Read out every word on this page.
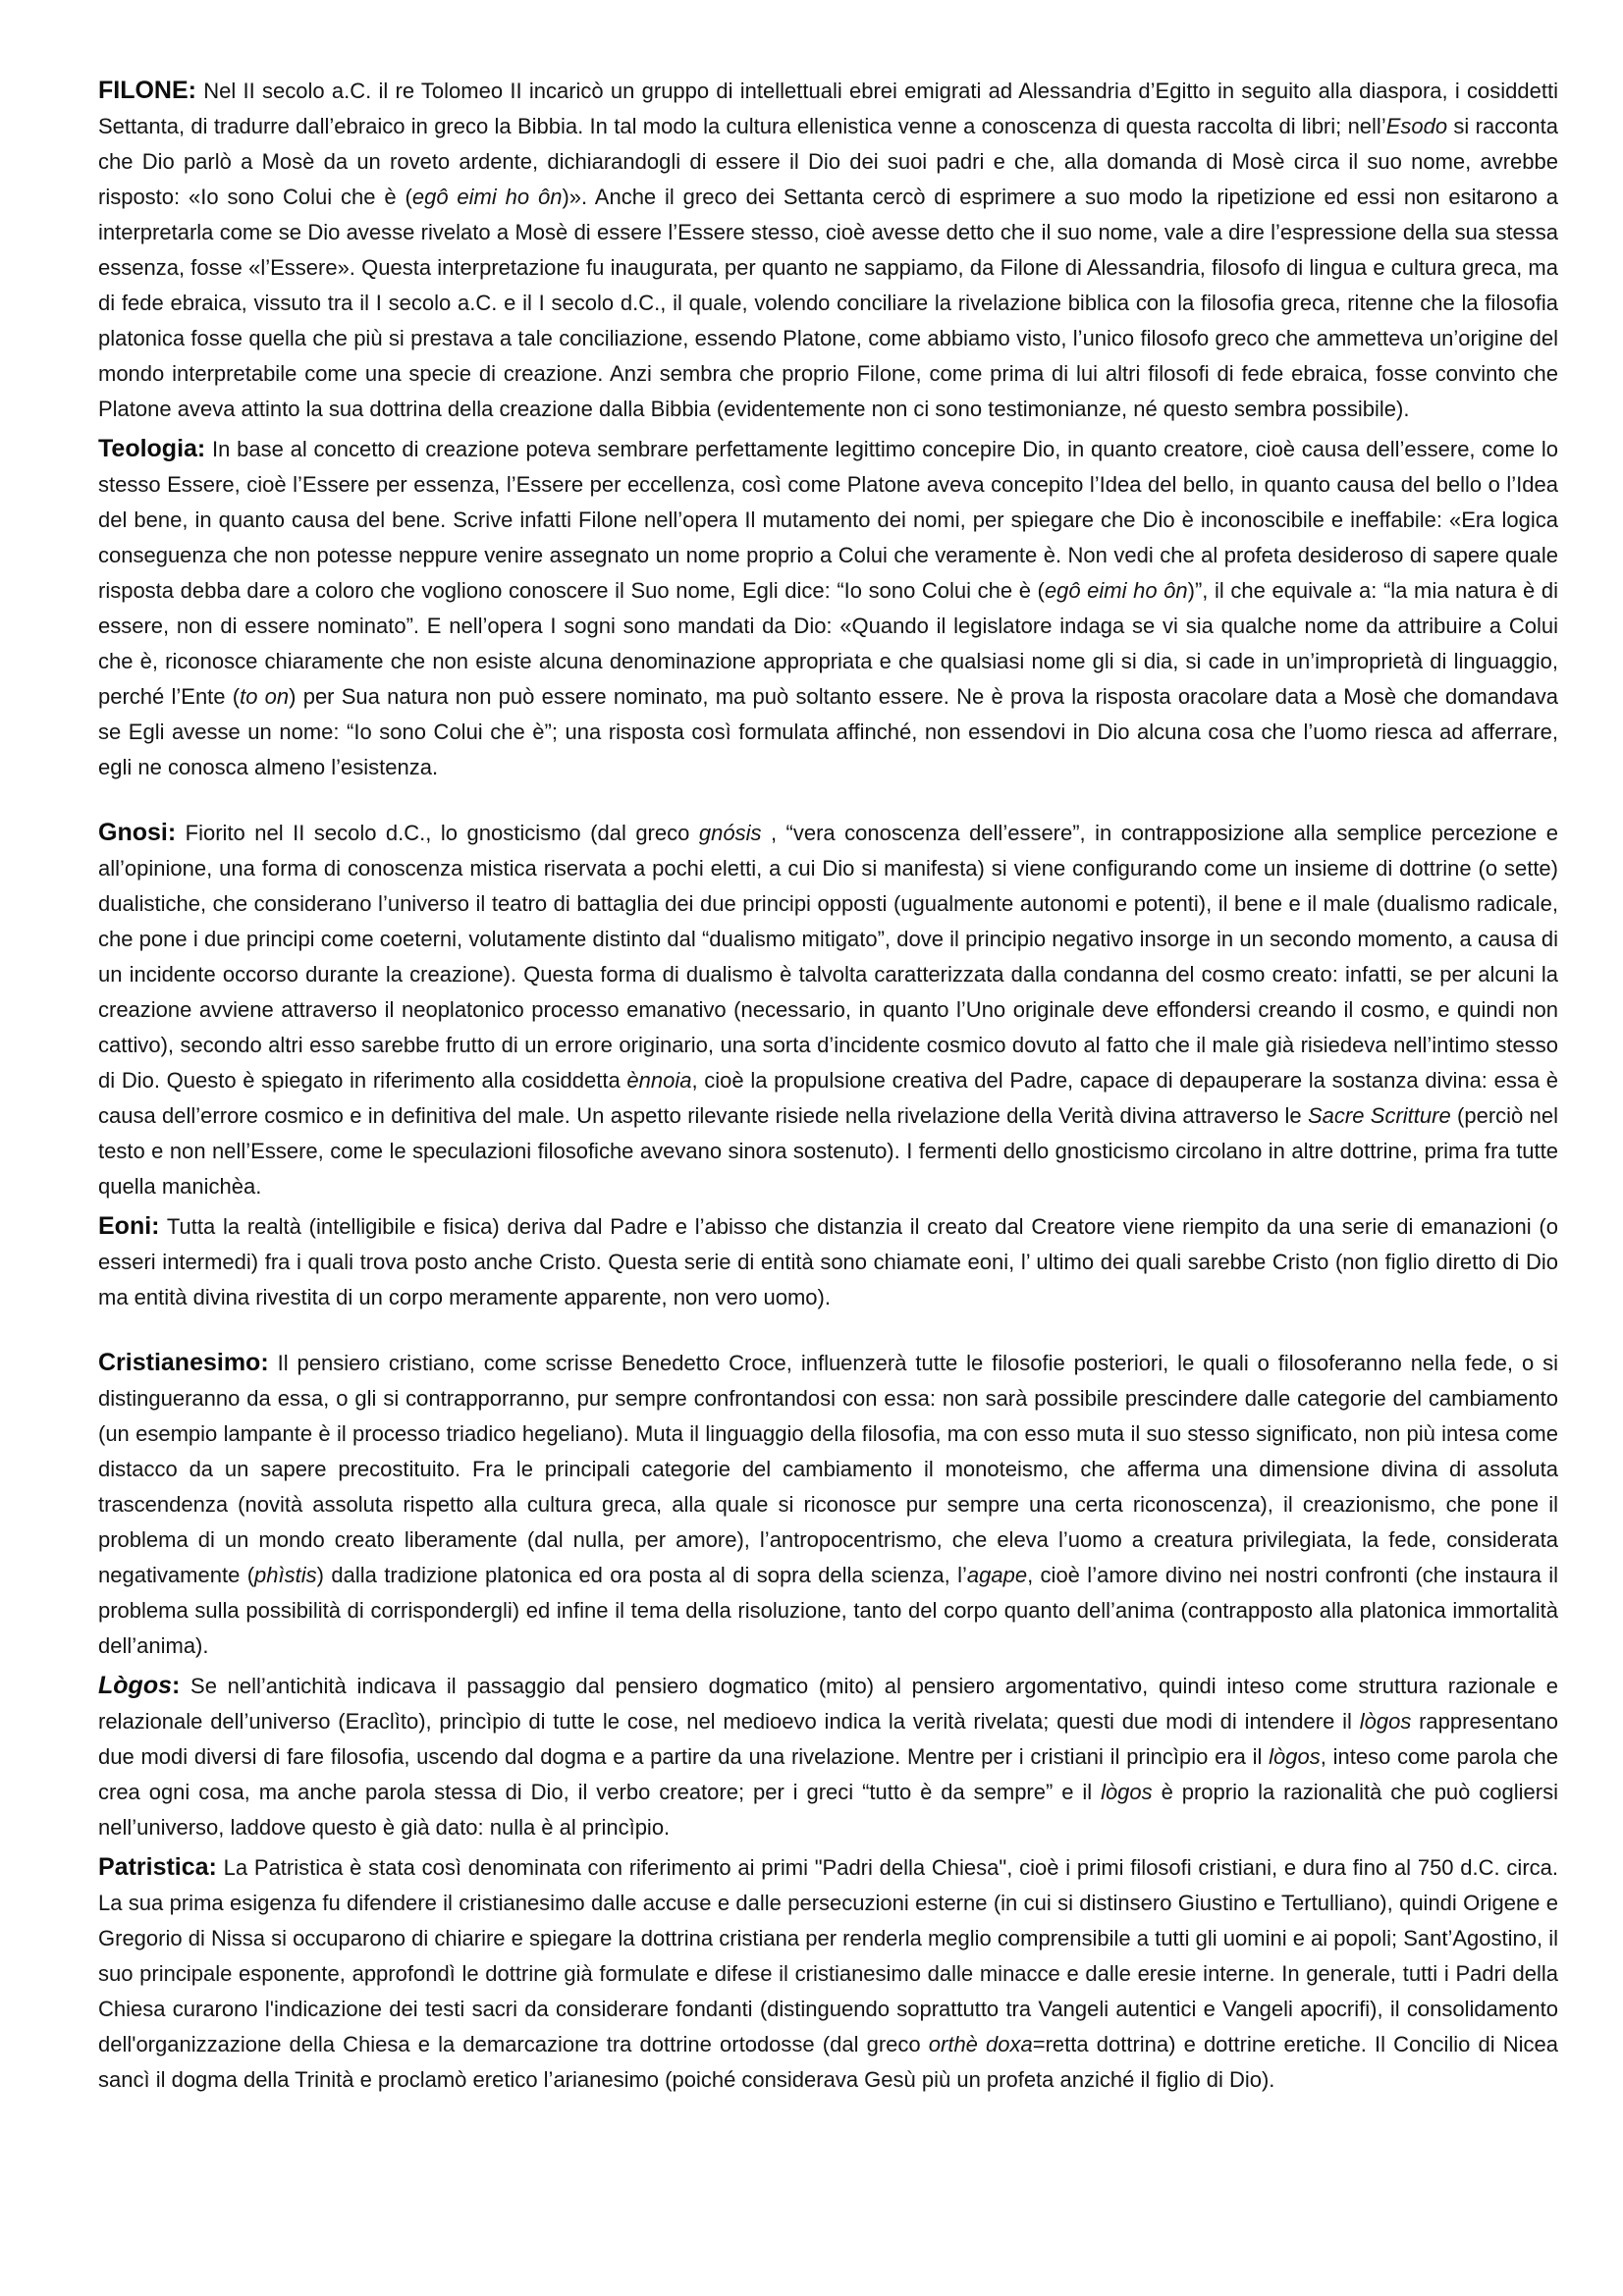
FILONE: Nel II secolo a.C. il re Tolomeo II incaricò un gruppo di intellettuali ebrei emigrati ad Alessandria d’Egitto in seguito alla diaspora, i cosiddetti Settanta, di tradurre dall’ebraico in greco la Bibbia. In tal modo la cultura ellenistica venne a conoscenza di questa raccolta di libri; nell’Esodo si racconta che Dio parlò a Mosè da un roveto ardente, dichiarandogli di essere il Dio dei suoi padri e che, alla domanda di Mosè circa il suo nome, avrebbe risposto: «Io sono Colui che è (egô eimi ho ôn)». Anche il greco dei Settanta cercò di esprimere a suo modo la ripetizione ed essi non esitarono a interpretarla come se Dio avesse rivelato a Mosè di essere l’Essere stesso, cioè avesse detto che il suo nome, vale a dire l’espressione della sua stessa essenza, fosse «l’Essere». Questa interpretazione fu inaugurata, per quanto ne sappiamo, da Filone di Alessandria, filosofo di lingua e cultura greca, ma di fede ebraica, vissuto tra il I secolo a.C. e il I secolo d.C., il quale, volendo conciliare la rivelazione biblica con la filosofia greca, ritenne che la filosofia platonica fosse quella che più si prestava a tale conciliazione, essendo Platone, come abbiamo visto, l’unico filosofo greco che ammetteva un’origine del mondo interpretabile come una specie di creazione. Anzi sembra che proprio Filone, come prima di lui altri filosofi di fede ebraica, fosse convinto che Platone aveva attinto la sua dottrina della creazione dalla Bibbia (evidentemente non ci sono testimonianze, né questo sembra possibile).

Teologia: In base al concetto di creazione poteva sembrare perfettamente legittimo concepire Dio, in quanto creatore, cioè causa dell’essere, come lo stesso Essere, cioè l’Essere per essenza, l’Essere per eccellenza, così come Platone aveva concepito l’Idea del bello, in quanto causa del bello o l’Idea del bene, in quanto causa del bene. Scrive infatti Filone nell’opera Il mutamento dei nomi, per spiegare che Dio è inconoscibile e ineffabile: «Era logica conseguenza che non potesse neppure venire assegnato un nome proprio a Colui che veramente è. Non vedi che al profeta desideroso di sapere quale risposta debba dare a coloro che vogliono conoscere il Suo nome, Egli dice: “Io sono Colui che è (egô eimi ho ôn)”, il che equivale a: “la mia natura è di essere, non di essere nominato”. E nell’opera I sogni sono mandati da Dio: «Quando il legislatore indaga se vi sia qualche nome da attribuire a Colui che è, riconosce chiaramente che non esiste alcuna denominazione appropriata e che qualsiasi nome gli si dia, si cade in un’improprietà di linguaggio, perché l’Ente (to on) per Sua natura non può essere nominato, ma può soltanto essere. Ne è prova la risposta oracolare data a Mosè che domandava se Egli avesse un nome: “Io sono Colui che è”; una risposta così formulata affinché, non essendovi in Dio alcuna cosa che l’uomo riesca ad afferrare, egli ne conosca almeno l’esistenza.

Gnosi: Fiorito nel II secolo d.C., lo gnosticismo (dal greco gnósis , “vera conoscenza dell’essere”, in contrapposizione alla semplice percezione e all’opinione, una forma di conoscenza mistica riservata a pochi eletti, a cui Dio si manifesta) si viene configurando come un insieme di dottrine (o sette) dualistiche, che considerano l’universo il teatro di battaglia dei due principi opposti (ugualmente autonomi e potenti), il bene e il male (dualismo radicale, che pone i due principi come coeterni, volutamente distinto dal “dualismo mitigato”, dove il principio negativo insorge in un secondo momento, a causa di un incidente occorso durante la creazione). Questa forma di dualismo è talvolta caratterizzata dalla condanna del cosmo creato: infatti, se per alcuni la creazione avviene attraverso il neoplatonico processo emanativo (necessario, in quanto l’Uno originale deve effondersi creando il cosmo, e quindi non cattivo), secondo altri esso sarebbe frutto di un errore originario, una sorta d’incidente cosmico dovuto al fatto che il male già risiedeva nell’intimo stesso di Dio. Questo è spiegato in riferimento alla cosiddetta ènnoia, cioè la propulsione creativa del Padre, capace di depauperare la sostanza divina: essa è causa dell’errore cosmico e in definitiva del male. Un aspetto rilevante risiede nella rivelazione della Verità divina attraverso le Sacre Scritture (perciò nel testo e non nell’Essere, come le speculazioni filosofiche avevano sinora sostenuto). I fermenti dello gnosticismo circolano in altre dottrine, prima fra tutte quella manichèa.

Eoni: Tutta la realtà (intelligibile e fisica) deriva dal Padre e l’abisso che distanzia il creato dal Creatore viene riempito da una serie di emanazioni (o esseri intermedi) fra i quali trova posto anche Cristo. Questa serie di entità sono chiamate eoni, l’ ultimo dei quali sarebbe Cristo (non figlio diretto di Dio ma entità divina rivestita di un corpo meramente apparente, non vero uomo).

Cristianesimo: Il pensiero cristiano, come scrisse Benedetto Croce, influenzerà tutte le filosofie posteriori, le quali o filosoferanno nella fede, o si distingueranno da essa, o gli si contrapporranno, pur sempre confrontandosi con essa: non sarà possibile prescindere dalle categorie del cambiamento (un esempio lampante è il processo triadico hegeliano). Muta il linguaggio della filosofia, ma con esso muta il suo stesso significato, non più intesa come distacco da un sapere precostituito. Fra le principali categorie del cambiamento il monoteismo, che afferma una dimensione divina di assoluta trascendenza (novità assoluta rispetto alla cultura greca, alla quale si riconosce pur sempre una certa riconoscenza), il creazionismo, che pone il problema di un mondo creato liberamente (dal nulla, per amore), l’antropocentrismo, che eleva l’uomo a creatura privilegiata, la fede, considerata negativamente (phìstis) dalla tradizione platonica ed ora posta al di sopra della scienza, l’agape, cioè l’amore divino nei nostri confronti (che instaura il problema sulla possibilità di corrispondergli) ed infine il tema della risoluzione, tanto del corpo quanto dell’anima (contrapposto alla platonica immortalità dell’anima).

Lògos: Se nell’antichità indicava il passaggio dal pensiero dogmatico (mito) al pensiero argomentativo, quindi inteso come struttura razionale e relazionale dell’universo (Eraclìto), princìpio di tutte le cose, nel medioevo indica la verità rivelata; questi due modi di intendere il lògos rappresentano due modi diversi di fare filosofia, uscendo dal dogma e a partire da una rivelazione. Mentre per i cristiani il princìpio era il lògos, inteso come parola che crea ogni cosa, ma anche parola stessa di Dio, il verbo creatore; per i greci “tutto è da sempre” e il lògos è proprio la razionalità che può cogliersi nell’universo, laddove questo è già dato: nulla è al princìpio.

Patristica: La Patristica è stata così denominata con riferimento ai primi "Padri della Chiesa", cioè i primi filosofi cristiani, e dura fino al 750 d.C. circa. La sua prima esigenza fu difendere il cristianesimo dalle accuse e dalle persecuzioni esterne (in cui si distinsero Giustino e Tertulliano), quindi Origene e Gregorio di Nissa si occuparono di chiarire e spiegare la dottrina cristiana per renderla meglio comprensibile a tutti gli uomini e ai popoli; Sant’Agostino, il suo principale esponente, approfondì le dottrine già formulate e difese il cristianesimo dalle minacce e dalle eresie interne. In generale, tutti i Padri della Chiesa curarono l'indicazione dei testi sacri da considerare fondanti (distinguendo soprattutto tra Vangeli autentici e Vangeli apocrifi), il consolidamento dell'organizzazione della Chiesa e la demarcazione tra dottrine ortodosse (dal greco orthè doxa=retta dottrina) e dottrine eretiche. Il Concilio di Nicea sancì il dogma della Trinità e proclamò eretico l’arianesimo (poiché considerava Gesù più un profeta anziché il figlio di Dio).
